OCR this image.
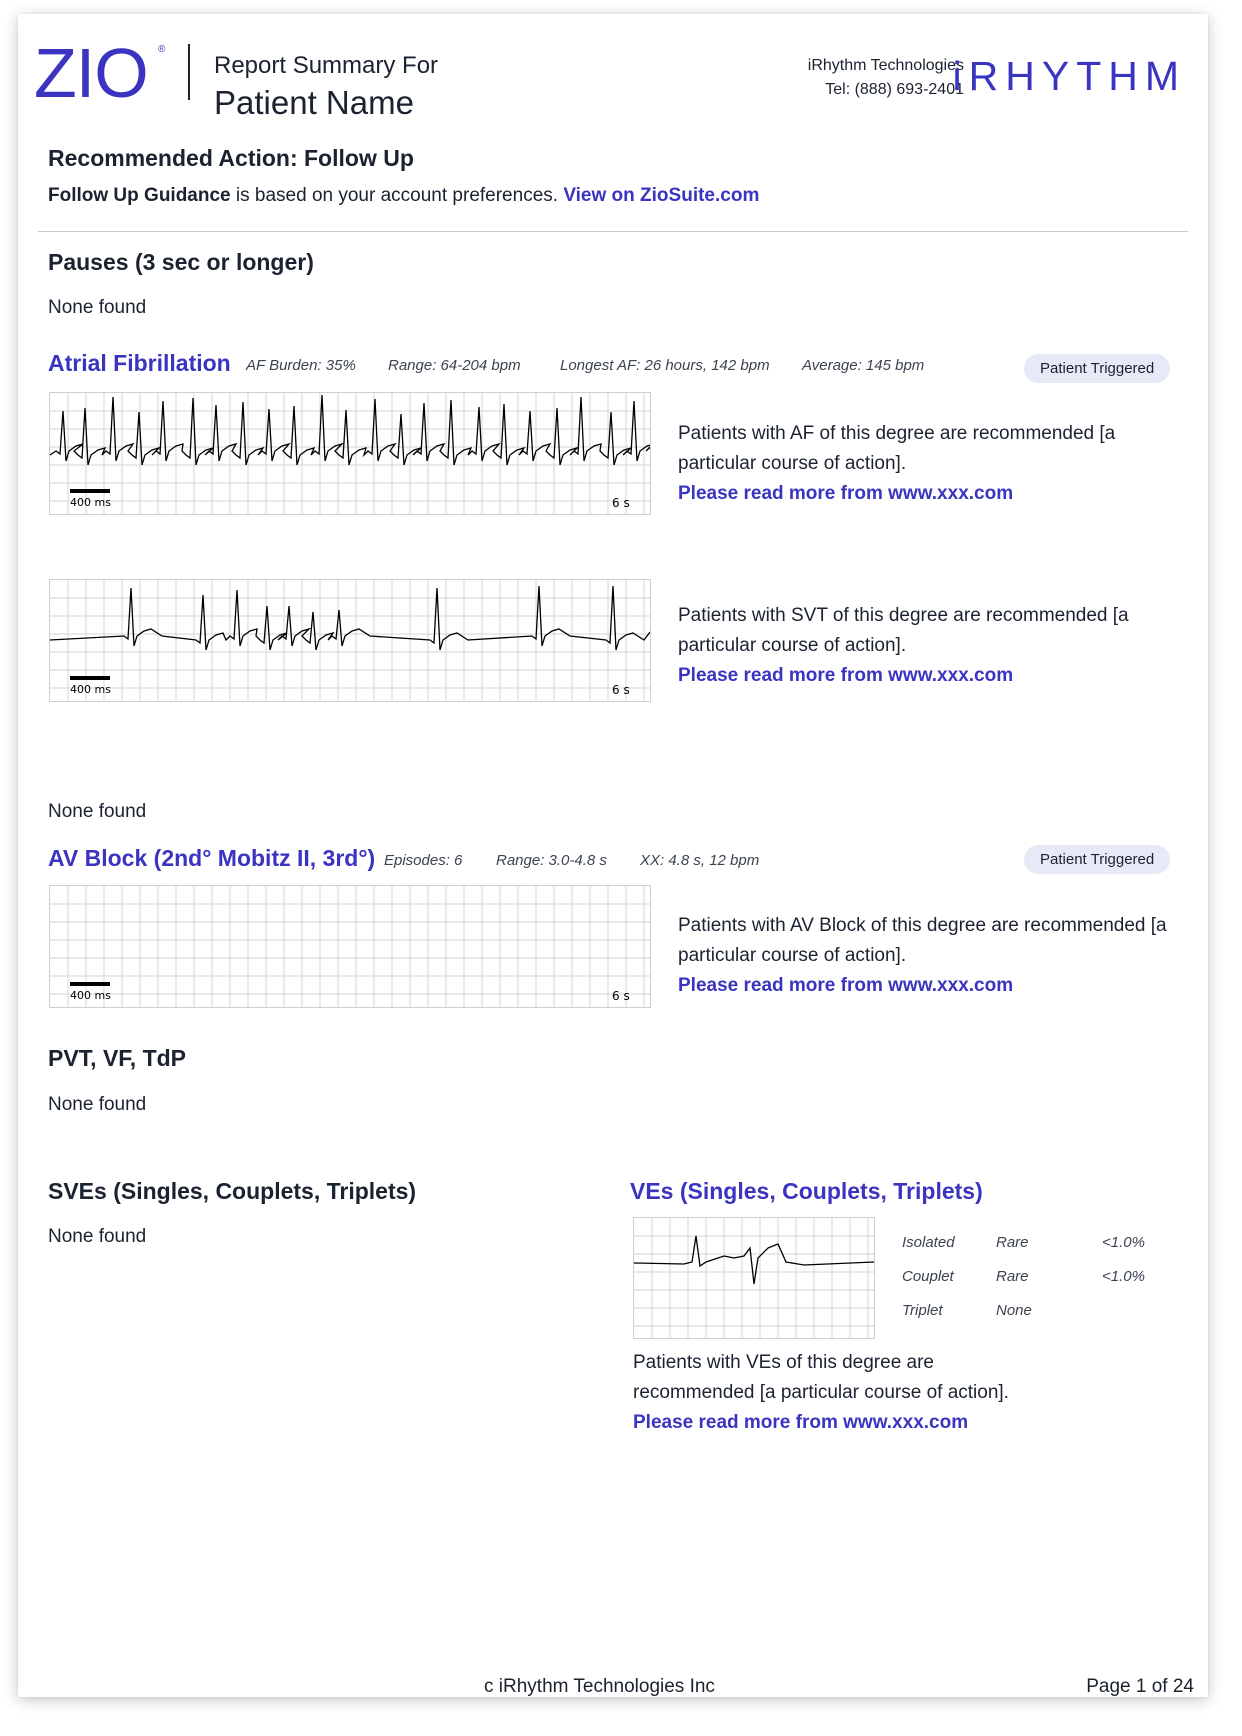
ZIO ®
Report Summary For
Patient Name
iRhythm Technologies
Tel: (888) 693-2401
iRHYTHM
Recommended Action: Follow Up
Follow Up Guidance is based on your account preferences. View on ZioSuite.com
Pauses (3 sec or longer)
None found
Atrial Fibrillation AF Burden: 35% Range: 64-204 bpm	Longest AF: 26 hours, 142 bpm Average: 145 bpm	Patient Triggered
400 ms	6 s
Patients with AF of this degree are recommended [a particular course of action].
Please read more from www.xxx.com
400 ms	6 s
Patients with SVT of this degree are recommended [a particular course of action].
Please read more from www.xxx.com
None found
AV Block (2nd° Mobitz II, 3rd°) Episodes: 6 Range: 3.0-4.8 s XX: 4.8 s, 12 bpm	Patient Triggered
400 ms	6 s
Patients with AV Block of this degree are recommended [a particular course of action].
Please read more from www.xxx.com
PVT, VF, TdP
None found
SVEs (Singles, Couplets, Triplets)
None found
VEs (Singles, Couplets, Triplets)
Isolated	Rare	<1.0%
Couplet	Rare	<1.0%
Triplet	None	
Patients with VEs of this degree are recommended [a particular course of action].
Please read more from www.xxx.com
c iRhythm Technologies Inc	Page 1 of 24
